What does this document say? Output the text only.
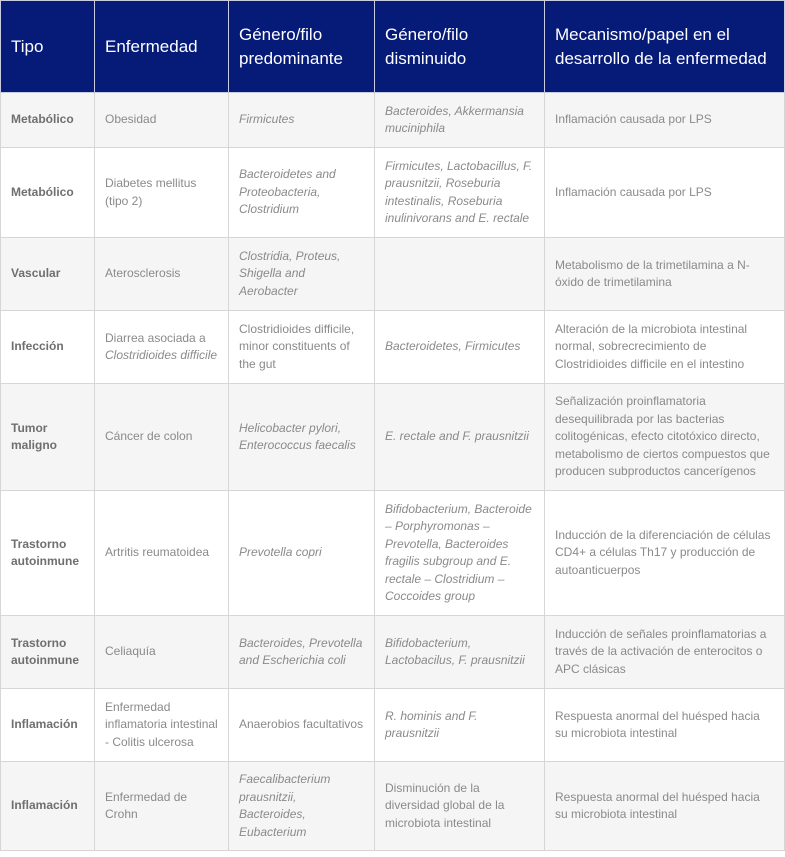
Tipo	Enfermedad	Género/filo predominante	Género/filo disminuido	Mecanismo/papel en el desarrollo de la enfermedad
Metabólico	Obesidad	Firmicutes	Bacteroides, Akkermansia muciniphila	Inflamación causada por LPS
Metabólico	Diabetes mellitus (tipo 2)	Bacteroidetes and Proteobacteria, Clostridium	Firmicutes, Lactobacillus, F. prausnitzii, Roseburia intestinalis, Roseburia inulinivorans and E. rectale	Inflamación causada por LPS
Vascular	Aterosclerosis	Clostridia, Proteus, Shigella and Aerobacter		Metabolismo de la trimetilamina a N-óxido de trimetilamina
Infección	Diarrea asociada a Clostridioides difficile	Clostridioides difficile, minor constituents of the gut	Bacteroidetes, Firmicutes	Alteración de la microbiota intestinal normal, sobrecrecimiento de Clostridioides difficile en el intestino
Tumor maligno	Cáncer de colon	Helicobacter pylori, Enterococcus faecalis	E. rectale and F. prausnitzii	Señalización proinflamatoria desequilibrada por las bacterias colitogénicas, efecto citotóxico directo, metabolismo de ciertos compuestos que producen subproductos cancerígenos
Trastorno autoinmune	Artritis reumatoidea	Prevotella copri	Bifidobacterium, Bacteroide – Porphyromonas – Prevotella, Bacteroides fragilis subgroup and E. rectale – Clostridium – Coccoides group	Inducción de la diferenciación de células CD4+ a células Th17 y producción de autoanticuerpos
Trastorno autoinmune	Celiaquía	Bacteroides, Prevotella and Escherichia coli	Bifidobacterium, Lactobacilus, F. prausnitzii	Inducción de señales proinflamatorias a través de la activación de enterocitos o APC clásicas
Inflamación	Enfermedad inflamatoria intestinal - Colitis ulcerosa	Anaerobios facultativos	R. hominis and F. prausnitzii	Respuesta anormal del huésped hacia su microbiota intestinal
Inflamación	Enfermedad de Crohn	Faecalibacterium prausnitzii, Bacteroides, Eubacterium	Disminución de la diversidad global de la microbiota intestinal	Respuesta anormal del huésped hacia su microbiota intestinal
